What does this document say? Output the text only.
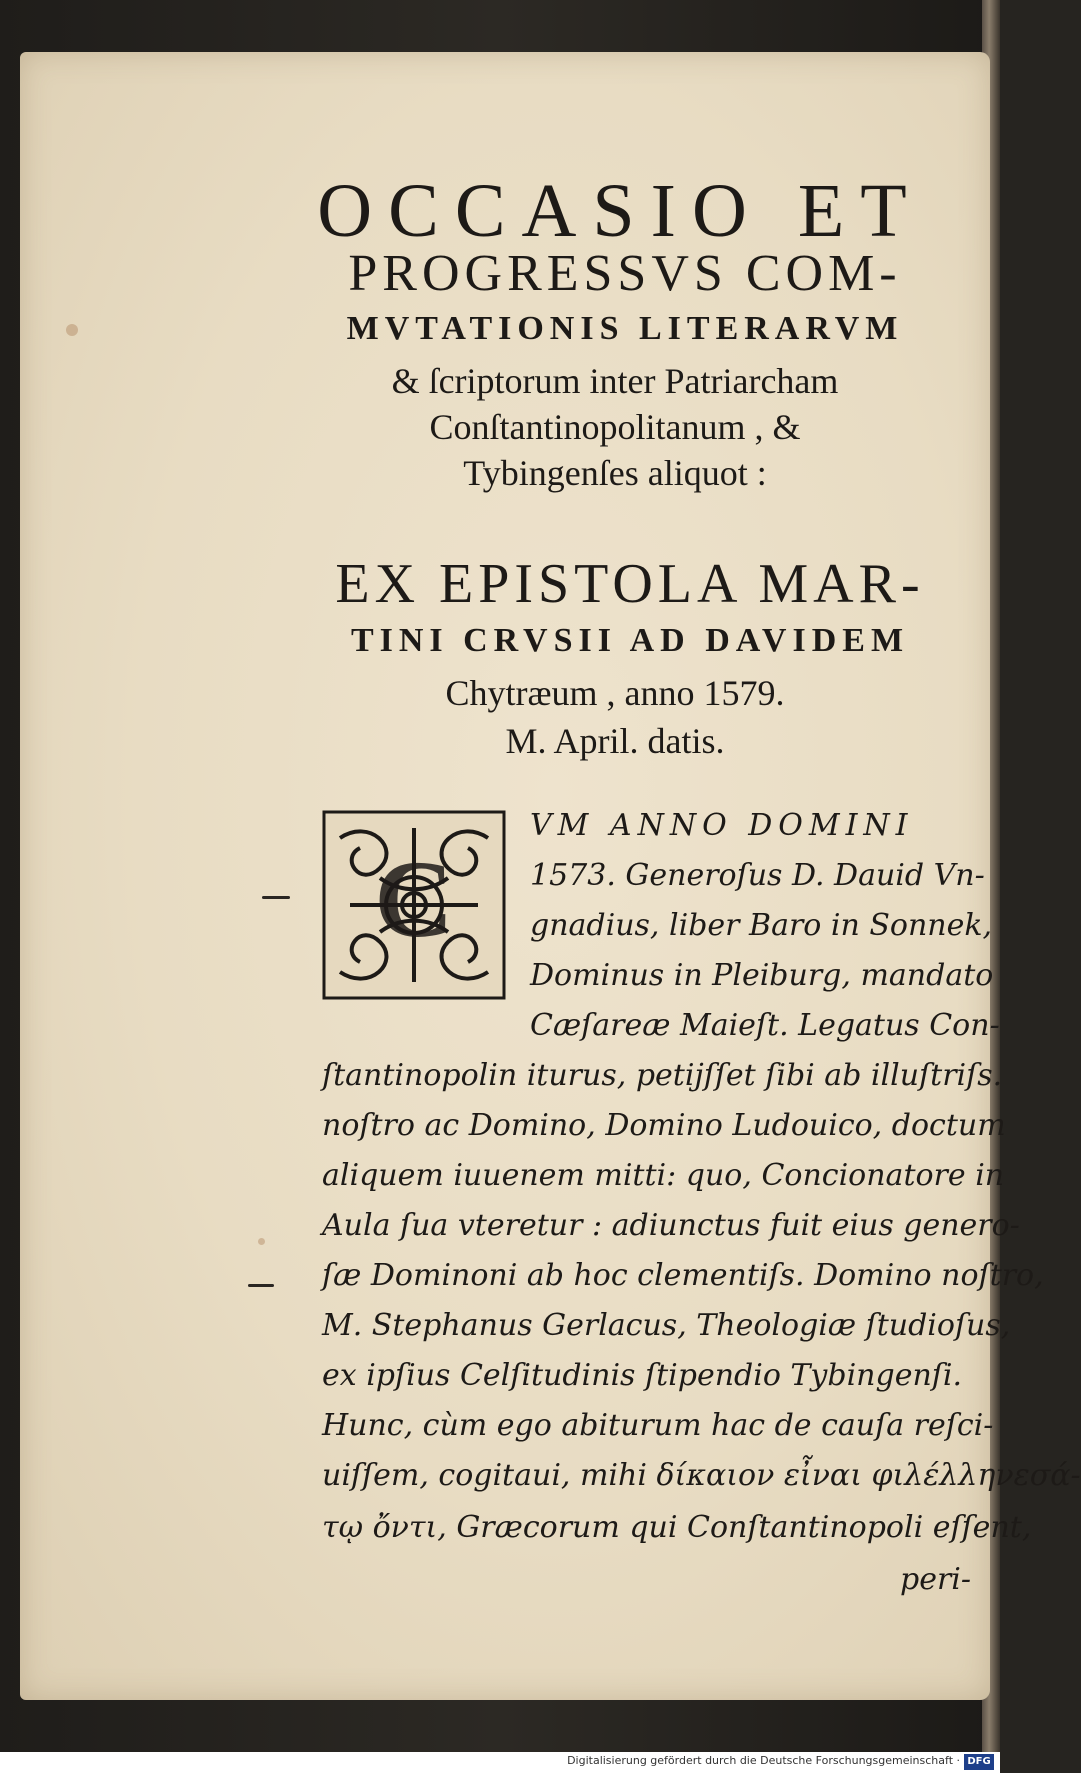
OCCASIO ET
PROGRESSVS COM-
MVTATIONIS LITERARVM
& ſcriptorum inter Patriarcham
Conſtantinopolitanum , &
Tybingenſes aliquot :
EX EPISTOLA MAR-
TINI CRVSII AD DAVIDEM
Chytræum , anno 1579.
M. April. datis.
C
VM ANNO DOMINI
1573. Generoſus D. Dauid Vn-
gnadius, liber Baro in Sonnek,
Dominus in Pleiburg, mandato
Cæſareæ Maieſt. Legatus Con-
ſtantinopolin iturus, petijſſet ſibi ab illuſtriſs.
noſtro ac Domino, Domino Ludouico, doctum
aliquem iuuenem mitti: quo, Concionatore in
Aula ſua vteretur : adiunctus fuit eius genero-
ſæ Dominoni ab hoc clementiſs. Domino noſtro,
M. Stephanus Gerlacus, Theologiæ ſtudioſus,
ex ipſius Celſitudinis ſtipendio Tybingenſi.
Hunc, cùm ego abiturum hac de cauſa reſci-
uiſſem, cogitaui, mihi δίκαιον εἶναι φιλέλληνεσά-
τῳ ὄντι, Græcorum qui Conſtantinopoli eſſent,
peri-
Digitalisierung gefördert durch die Deutsche Forschungsgemeinschaft · DFG
